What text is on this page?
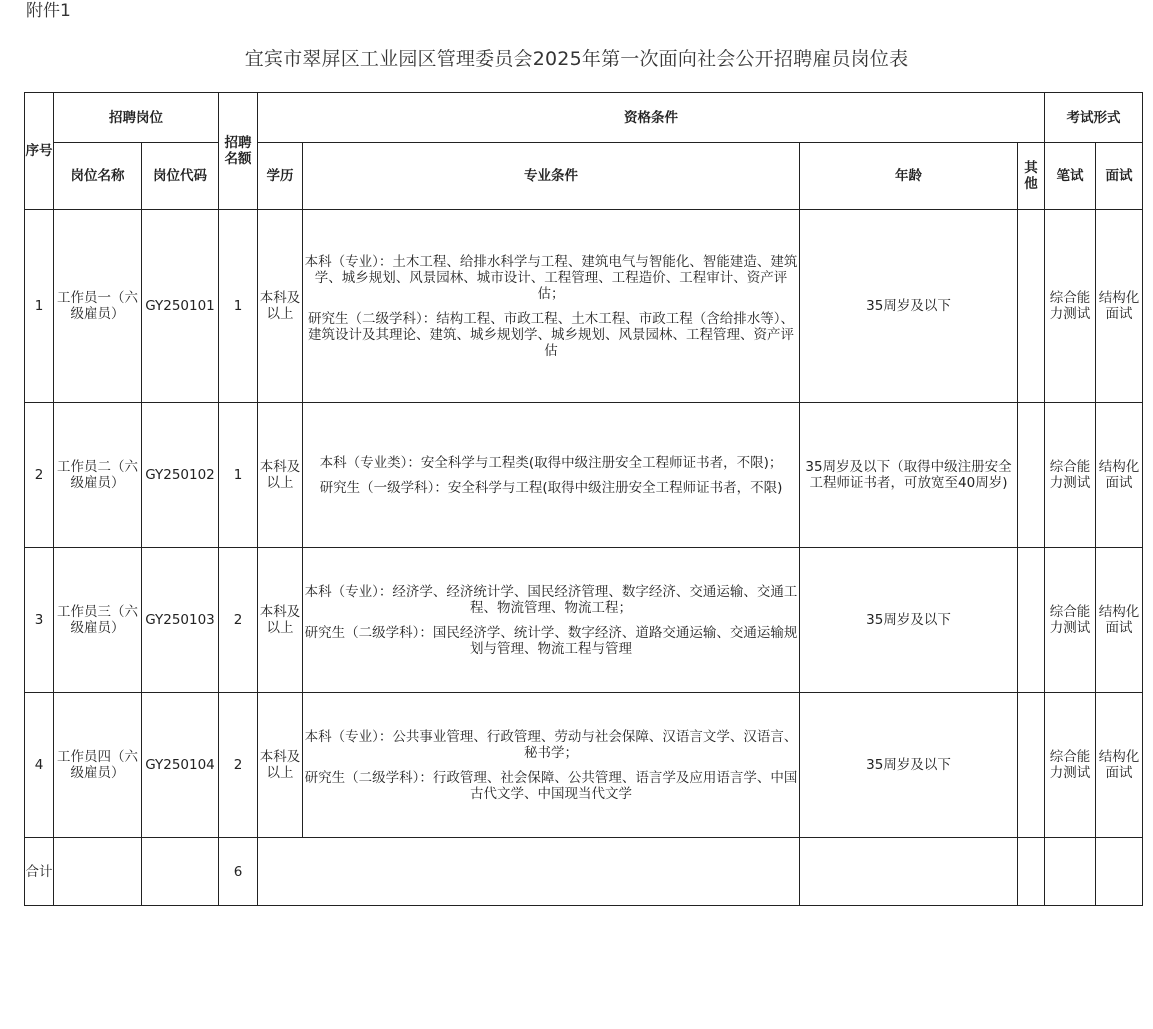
附件1
宜宾市翠屏区工业园区管理委员会2025年第一次面向社会公开招聘雇员岗位表
序号	招聘岗位		招聘名额	资格条件				考试形式	
	岗位名称	岗位代码		学历	专业条件	年龄	其他	笔试	面试
1	工作员一（六级雇员）	GY250101	1	本科及以上	本科（专业）：土木工程、给排水科学与工程、建筑电气与智能化、智能建造、建筑学、城乡规划、风景园林、城市设计、工程管理、工程造价、工程审计、资产评估；

研究生（二级学科）：结构工程、市政工程、土木工程、市政工程（含给排水等）、建筑设计及其理论、建筑、城乡规划学、城乡规划、风景园林、工程管理、资产评估	35周岁及以下		综合能力测试	结构化面试
2	工作员二（六级雇员）	GY250102	1	本科及以上	本科（专业类）：安全科学与工程类(取得中级注册安全工程师证书者，不限)；

研究生（一级学科）：安全科学与工程(取得中级注册安全工程师证书者，不限)	35周岁及以下（取得中级注册安全工程师证书者，可放宽至40周岁)		综合能力测试	结构化面试
3	工作员三（六级雇员）	GY250103	2	本科及以上	本科（专业）：经济学、经济统计学、国民经济管理、数字经济、交通运输、交通工程、物流管理、物流工程；

研究生（二级学科）：国民经济学、统计学、数字经济、道路交通运输、交通运输规划与管理、物流工程与管理	35周岁及以下		综合能力测试	结构化面试
4	工作员四（六级雇员）	GY250104	2	本科及以上	本科（专业）：公共事业管理、行政管理、劳动与社会保障、汉语言文学、汉语言、秘书学；

研究生（二级学科）：行政管理、社会保障、公共管理、语言学及应用语言学、中国古代文学、中国现当代文学	35周岁及以下		综合能力测试	结构化面试
合计			6						
